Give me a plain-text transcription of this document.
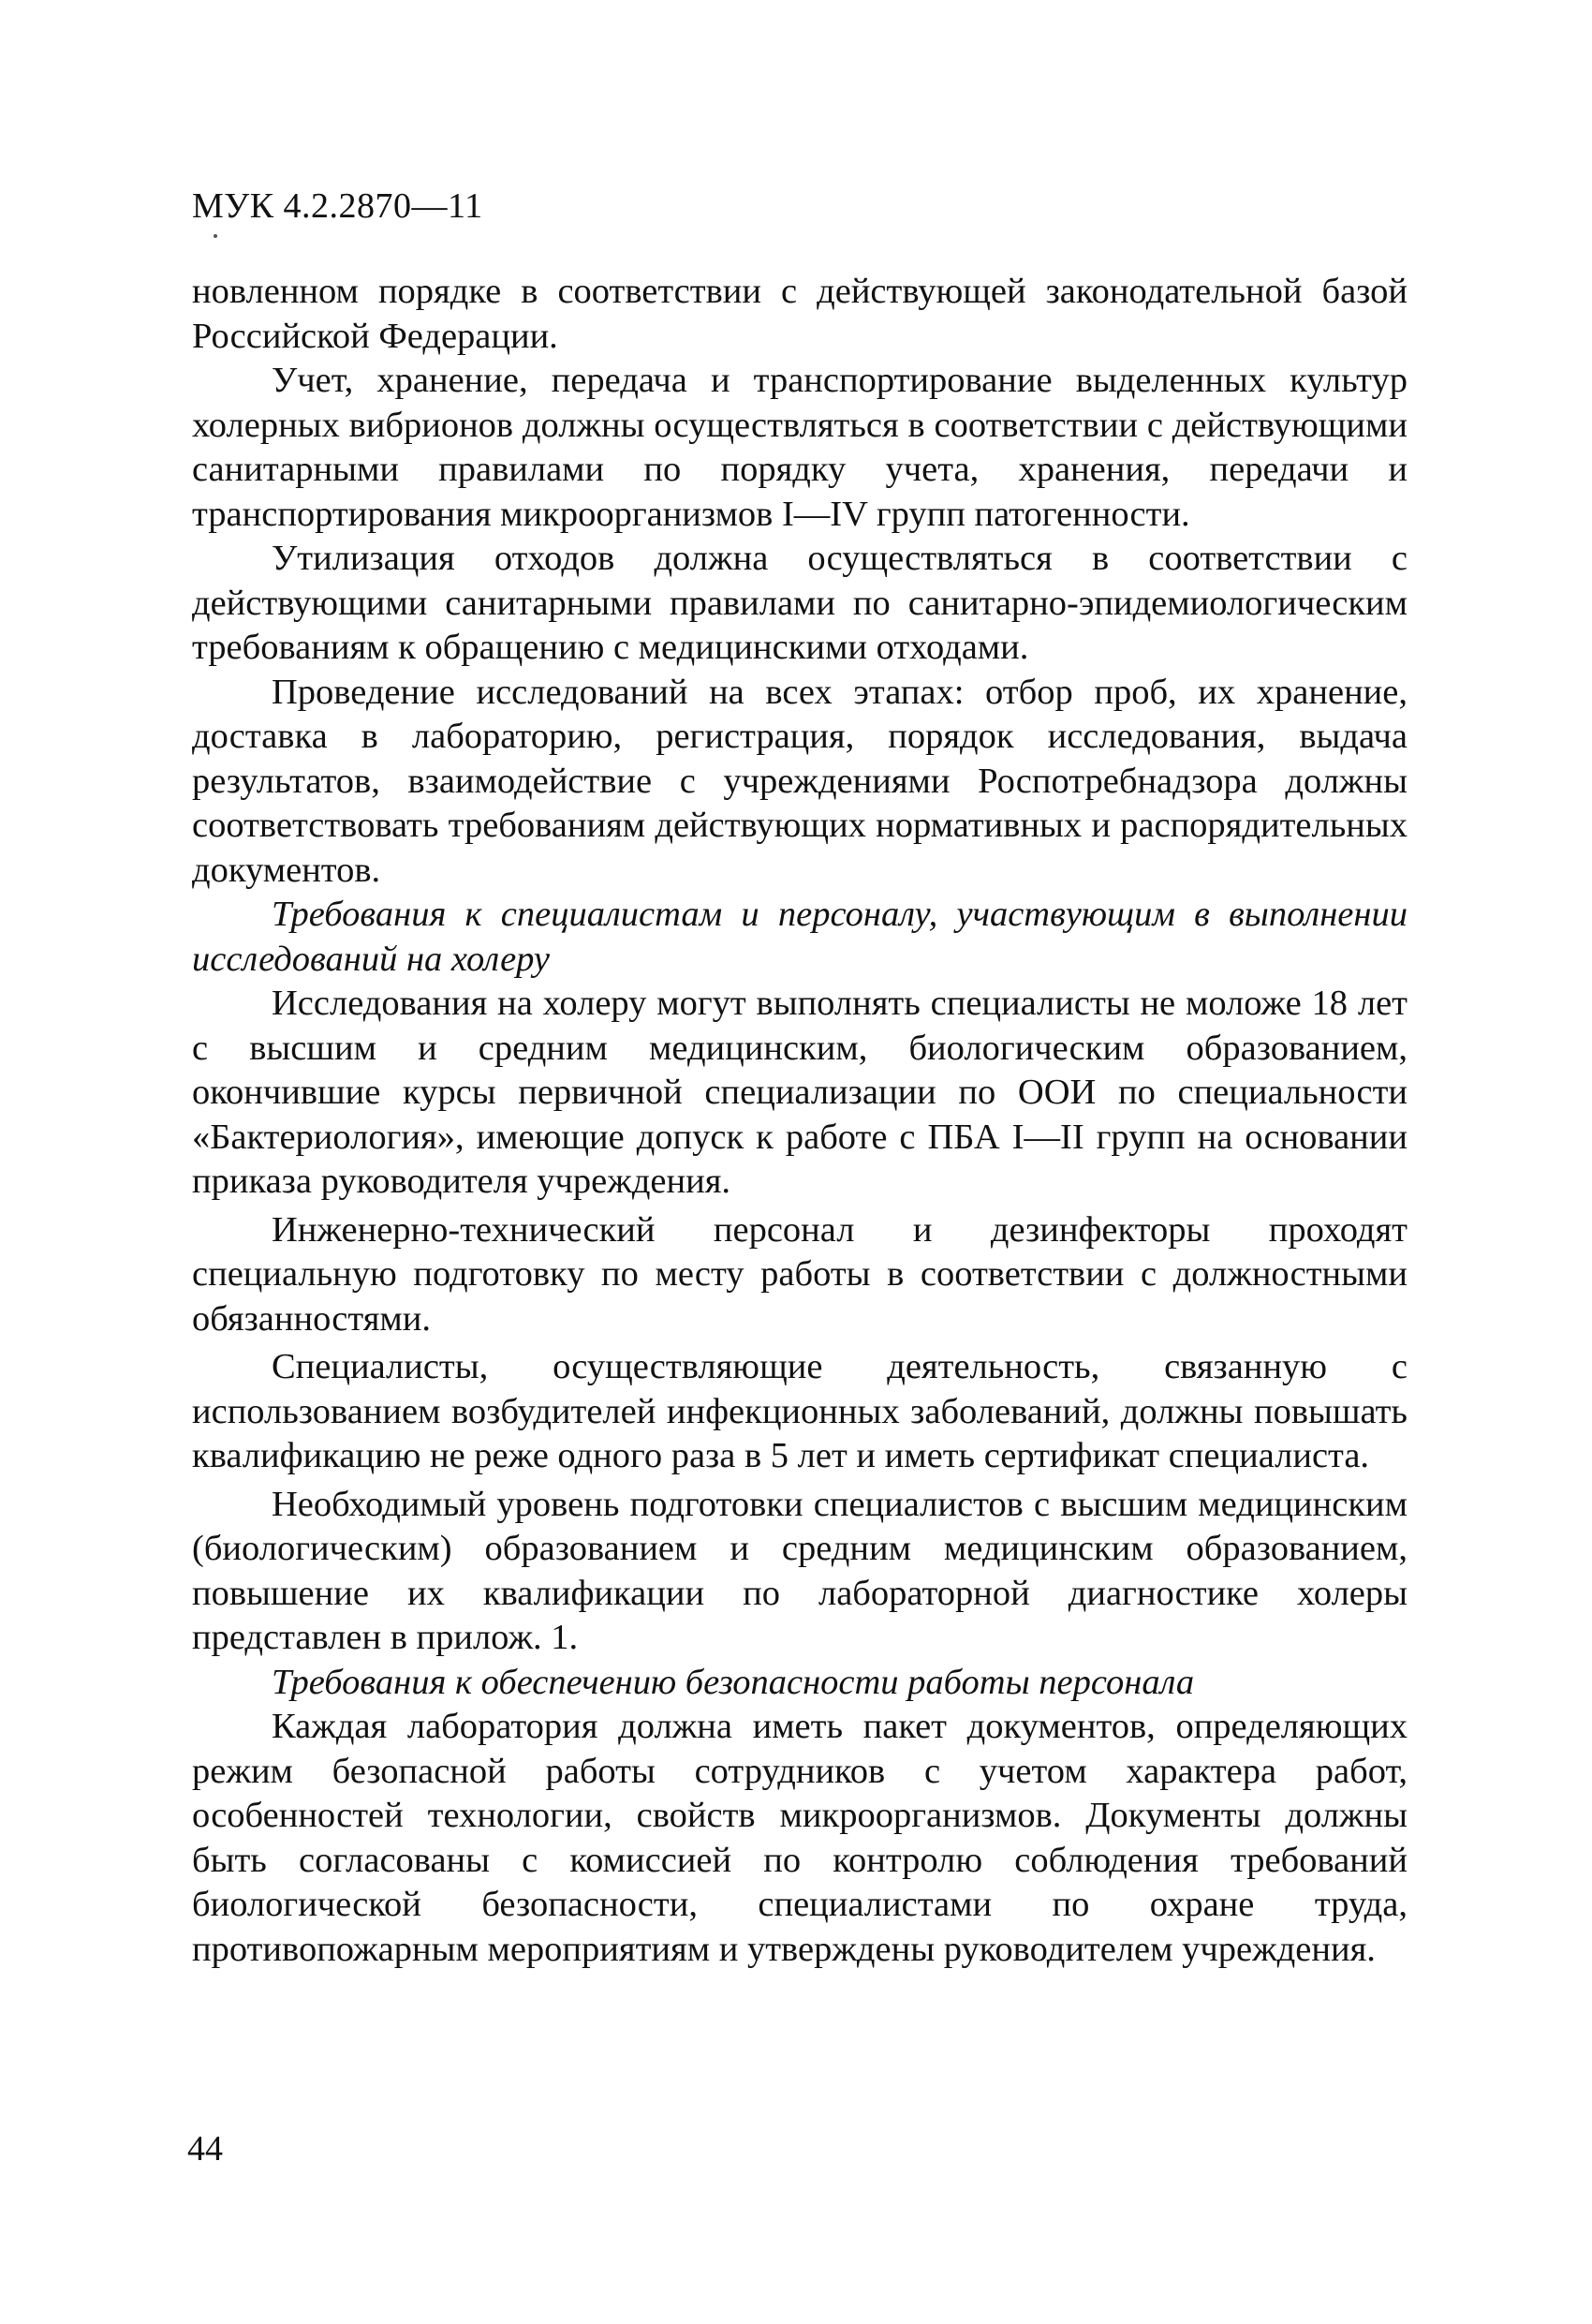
МУК 4.2.2870—11

новленном порядке в соответствии с действующей законодательной базой Российской Федерации.

Учет, хранение, передача и транспортирование выделенных культур холерных вибрионов должны осуществляться в соответствии с действующими санитарными правилами по порядку учета, хранения, передачи и транспортирования микроорганизмов I—IV групп патогенности.

Утилизация отходов должна осуществляться в соответствии с действующими санитарными правилами по санитарно-эпидемиологическим требованиям к обращению с медицинскими отходами.

Проведение исследований на всех этапах: отбор проб, их хранение, доставка в лабораторию, регистрация, порядок исследования, выдача результатов, взаимодействие с учреждениями Роспотребнадзора должны соответствовать требованиям действующих нормативных и распорядительных документов.

Требования к специалистам и персоналу, участвующим в выполнении исследований на холеру

Исследования на холеру могут выполнять специалисты не моложе 18 лет с высшим и средним медицинским, биологическим образованием, окончившие курсы первичной специализации по ООИ по специальности «Бактериология», имеющие допуск к работе с ПБА I—II групп на основании приказа руководителя учреждения.

Инженерно-технический персонал и дезинфекторы проходят специальную подготовку по месту работы в соответствии с должностными обязанностями.

Специалисты, осуществляющие деятельность, связанную с использованием возбудителей инфекционных заболеваний, должны повышать квалификацию не реже одного раза в 5 лет и иметь сертификат специалиста.

Необходимый уровень подготовки специалистов с высшим медицинским (биологическим) образованием и средним медицинским образованием, повышение их квалификации по лабораторной диагностике холеры представлен в прилож. 1.

Требования к обеспечению безопасности работы персонала

Каждая лаборатория должна иметь пакет документов, определяющих режим безопасной работы сотрудников с учетом характера работ, особенностей технологии, свойств микроорганизмов. Документы должны быть согласованы с комиссией по контролю соблюдения требований биологической безопасности, специалистами по охране труда, противопожарным мероприятиям и утверждены руководителем учреждения.

44
